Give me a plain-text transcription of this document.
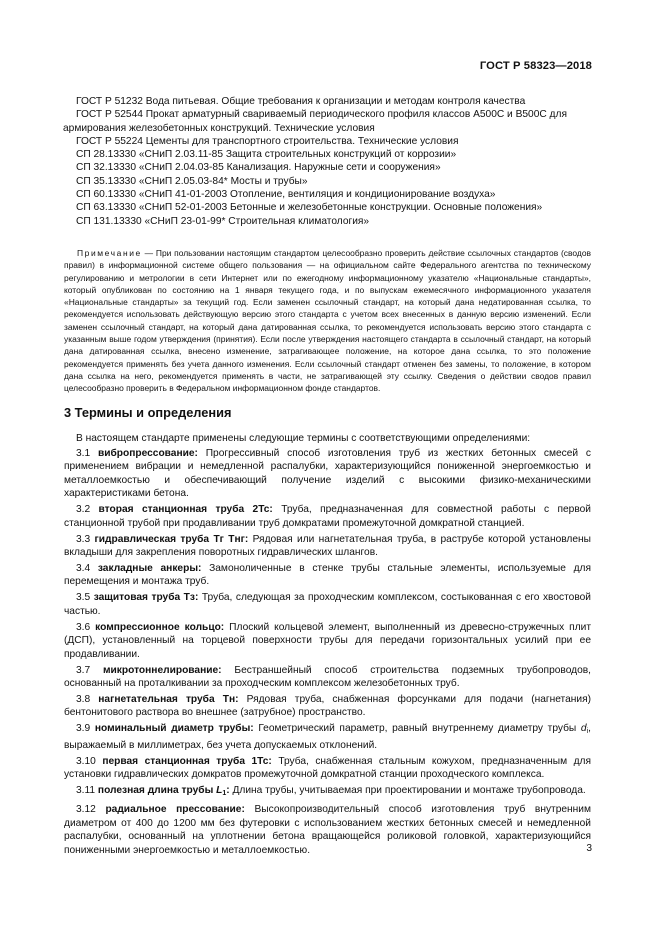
ГОСТ Р 58323—2018

ГОСТ Р 51232 Вода питьевая. Общие требования к организации и методам контроля качества

ГОСТ Р 52544 Прокат арматурный свариваемый периодического профиля классов А500С и В500С для армирования железобетонных конструкций. Технические условия

ГОСТ Р 55224 Цементы для транспортного строительства. Технические условия

СП 28.13330 «СНиП 2.03.11-85 Защита строительных конструкций от коррозии»

СП 32.13330 «СНиП 2.04.03-85 Канализация. Наружные сети и сооружения»

СП 35.13330 «СНиП 2.05.03-84* Мосты и трубы»

СП 60.13330 «СНиП 41-01-2003 Отопление, вентиляция и кондиционирование воздуха»

СП 63.13330 «СНиП 52-01-2003 Бетонные и железобетонные конструкции. Основные положения»

СП 131.13330 «СНиП 23-01-99* Строительная климатология»

Примечание — При пользовании настоящим стандартом целесообразно проверить действие ссылочных стандартов (сводов правил) в информационной системе общего пользования — на официальном сайте Федерального агентства по техническому регулированию и метрологии в сети Интернет или по ежегодному информационному указателю «Национальные стандарты», который опубликован по состоянию на 1 января текущего года, и по выпускам ежемесячного информационного указателя «Национальные стандарты» за текущий год. Если заменен ссылочный стандарт, на который дана недатированная ссылка, то рекомендуется использовать действующую версию этого стандарта с учетом всех внесенных в данную версию изменений. Если заменен ссылочный стандарт, на который дана датированная ссылка, то рекомендуется использовать версию этого стандарта с указанным выше годом утверждения (принятия). Если после утверждения настоящего стандарта в ссылочный стандарт, на который дана датированная ссылка, внесено изменение, затрагивающее положение, на которое дана ссылка, то это положение рекомендуется применять без учета данного изменения. Если ссылочный стандарт отменен без замены, то положение, в котором дана ссылка на него, рекомендуется применять в части, не затрагивающей эту ссылку. Сведения о действии сводов правил целесообразно проверить в Федеральном информационном фонде стандартов.

3 Термины и определения

В настоящем стандарте применены следующие термины с соответствующими определениями:

3.1 вибропрессование: Прогрессивный способ изготовления труб из жестких бетонных смесей с применением вибрации и немедленной распалубки, характеризующийся пониженной энергоемкостью и металлоемкостью и обеспечивающий получение изделий с высокими физико-механическими характеристиками бетона.

3.2 вторая станционная труба 2Тс: Труба, предназначенная для совместной работы с первой станционной трубой при продавливании труб домкратами промежуточной домкратной станцией.

3.3 гидравлическая труба Тг Тнг: Рядовая или нагнетательная труба, в раструбе которой установлены вкладыши для закрепления поворотных гидравлических шлангов.

3.4 закладные анкеры: Замоноличенные в стенке трубы стальные элементы, используемые для перемещения и монтажа труб.

3.5 защитовая труба Тз: Труба, следующая за проходческим комплексом, состыкованная с его хвостовой частью.

3.6 компрессионное кольцо: Плоский кольцевой элемент, выполненный из древесно-стружечных плит (ДСП), установленный на торцевой поверхности трубы для передачи горизонтальных усилий при ее продавливании.

3.7 микротоннелирование: Бестраншейный способ строительства подземных трубопроводов, основанный на проталкивании за проходческим комплексом железобетонных труб.

3.8 нагнетательная труба Тн: Рядовая труба, снабженная форсунками для подачи (нагнетания) бентонитового раствора во внешнее (затрубное) пространство.

3.9 номинальный диаметр трубы: Геометрический параметр, равный внутреннему диаметру трубы $d_i$, выражаемый в миллиметрах, без учета допускаемых отклонений.

3.10 первая станционная труба 1Тс: Труба, снабженная стальным кожухом, предназначенным для установки гидравлических домкратов промежуточной домкратной станции проходческого комплекса.

3.11 полезная длина трубы $L_1$: Длина трубы, учитываемая при проектировании и монтаже трубопровода.

3.12 радиальное прессование: Высокопроизводительный способ изготовления труб внутренним диаметром от 400 до 1200 мм без футеровки с использованием жестких бетонных смесей и немедленной распалубки, основанный на уплотнении бетона вращающейся роликовой головкой, характеризующийся пониженными энергоемкостью и металлоемкостью.	3
